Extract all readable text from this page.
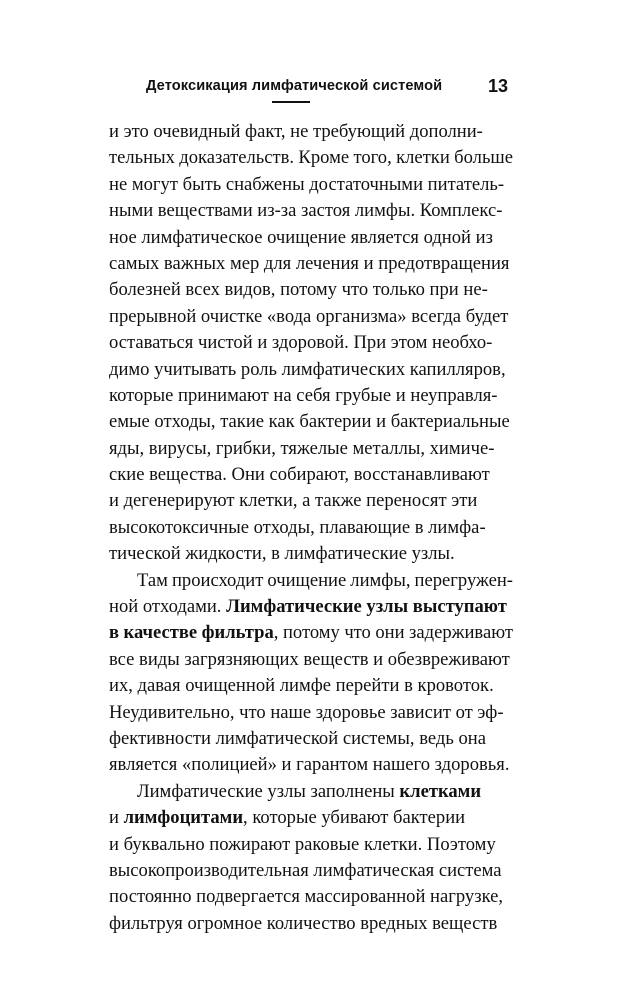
Детоксикация лимфатической системой	13
и это очевидный факт, не требующий дополни-
тельных доказательств. Кроме того, клетки больше
не могут быть снабжены достаточными питатель-
ными веществами из-за застоя лимфы. Комплекс-
ное лимфатическое очищение является одной из
самых важных мер для лечения и предотвращения
болезней всех видов, потому что только при не-
прерывной очистке «вода организма» всегда будет
оставаться чистой и здоровой. При этом необхо-
димо учитывать роль лимфатических капилляров,
которые принимают на себя грубые и неуправля-
емые отходы, такие как бактерии и бактериальные
яды, вирусы, грибки, тяжелые металлы, химиче-
ские вещества. Они собирают, восстанавливают
и дегенерируют клетки, а также переносят эти
высокотоксичные отходы, плавающие в лимфа-
тической жидкости, в лимфатические узлы.
Там происходит очищение лимфы, перегружен-
ной отходами. Лимфатические узлы выступают
в качестве фильтра, потому что они задерживают
все виды загрязняющих веществ и обезвреживают
их, давая очищенной лимфе перейти в кровоток.
Неудивительно, что наше здоровье зависит от эф-
фективности лимфатической системы, ведь она
является «полицией» и гарантом нашего здоровья.
Лимфатические узлы заполнены клетками
и лимфоцитами, которые убивают бактерии
и буквально пожирают раковые клетки. Поэтому
высокопроизводительная лимфатическая система
постоянно подвергается массированной нагрузке,
фильтруя огромное количество вредных веществ
